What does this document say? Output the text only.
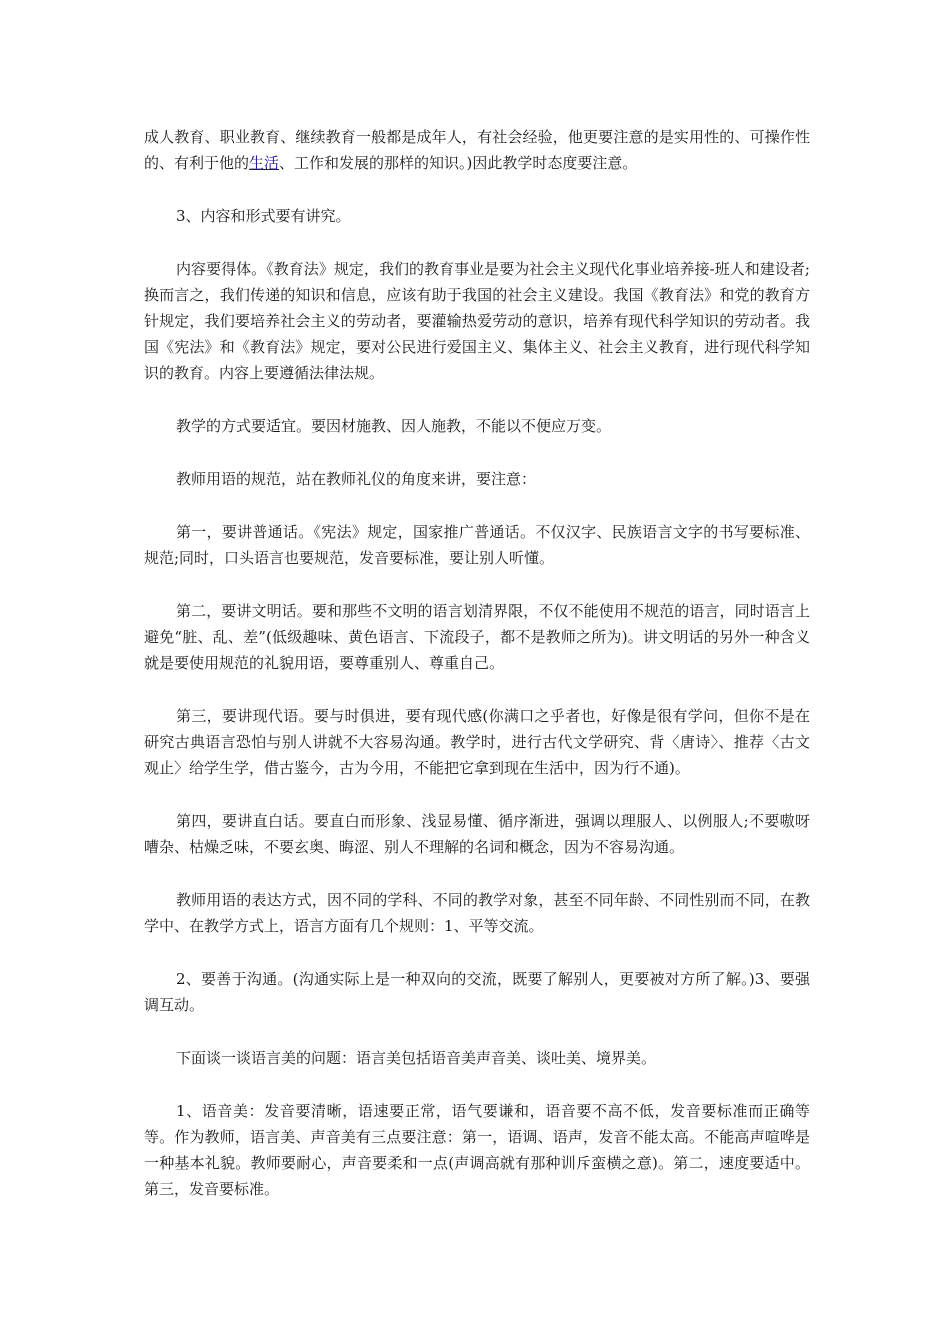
成人教育、职业教育、继续教育一般都是成年人，有社会经验，他更要注意的是实用性的、可操作性的、有利于他的生活、工作和发展的那样的知识。)因此教学时态度要注意。

3、内容和形式要有讲究。

内容要得体。《教育法》规定，我们的教育事业是要为社会主义现代化事业培养接-班人和建设者;换而言之，我们传递的知识和信息，应该有助于我国的社会主义建设。我国《教育法》和党的教育方针规定，我们要培养社会主义的劳动者，要灌输热爱劳动的意识，培养有现代科学知识的劳动者。我国《宪法》和《教育法》规定，要对公民进行爱国主义、集体主义、社会主义教育，进行现代科学知识的教育。内容上要遵循法律法规。

教学的方式要适宜。要因材施教、因人施教，不能以不便应万变。

教师用语的规范，站在教师礼仪的角度来讲，要注意：

第一，要讲普通话。《宪法》规定，国家推广普通话。不仅汉字、民族语言文字的书写要标准、规范;同时，口头语言也要规范，发音要标准，要让别人听懂。

第二，要讲文明话。要和那些不文明的语言划清界限，不仅不能使用不规范的语言，同时语言上避免“脏、乱、差”(低级趣味、黄色语言、下流段子，都不是教师之所为)。讲文明话的另外一种含义就是要使用规范的礼貌用语，要尊重别人、尊重自己。

第三，要讲现代语。要与时俱进，要有现代感(你满口之乎者也，好像是很有学问，但你不是在研究古典语言恐怕与别人讲就不大容易沟通。教学时，进行古代文学研究、背〈唐诗〉、推荐〈古文观止〉给学生学，借古鉴今，古为今用，不能把它拿到现在生活中，因为行不通)。

第四，要讲直白话。要直白而形象、浅显易懂、循序渐进，强调以理服人、以例服人;不要嗷呀嘈杂、枯燥乏味，不要玄奥、晦涩、别人不理解的名词和概念，因为不容易沟通。

教师用语的表达方式，因不同的学科、不同的教学对象，甚至不同年龄、不同性别而不同，在教学中、在教学方式上，语言方面有几个规则：1、平等交流。

2、要善于沟通。(沟通实际上是一种双向的交流，既要了解别人，更要被对方所了解。)3、要强调互动。

下面谈一谈语言美的问题：语言美包括语音美声音美、谈吐美、境界美。

1、语音美：发音要清晰，语速要正常，语气要谦和，语音要不高不低，发音要标准而正确等等。作为教师，语言美、声音美有三点要注意：第一，语调、语声，发音不能太高。不能高声喧哗是一种基本礼貌。教师要耐心，声音要柔和一点(声调高就有那种训斥蛮横之意)。第二，速度要适中。第三，发音要标准。
